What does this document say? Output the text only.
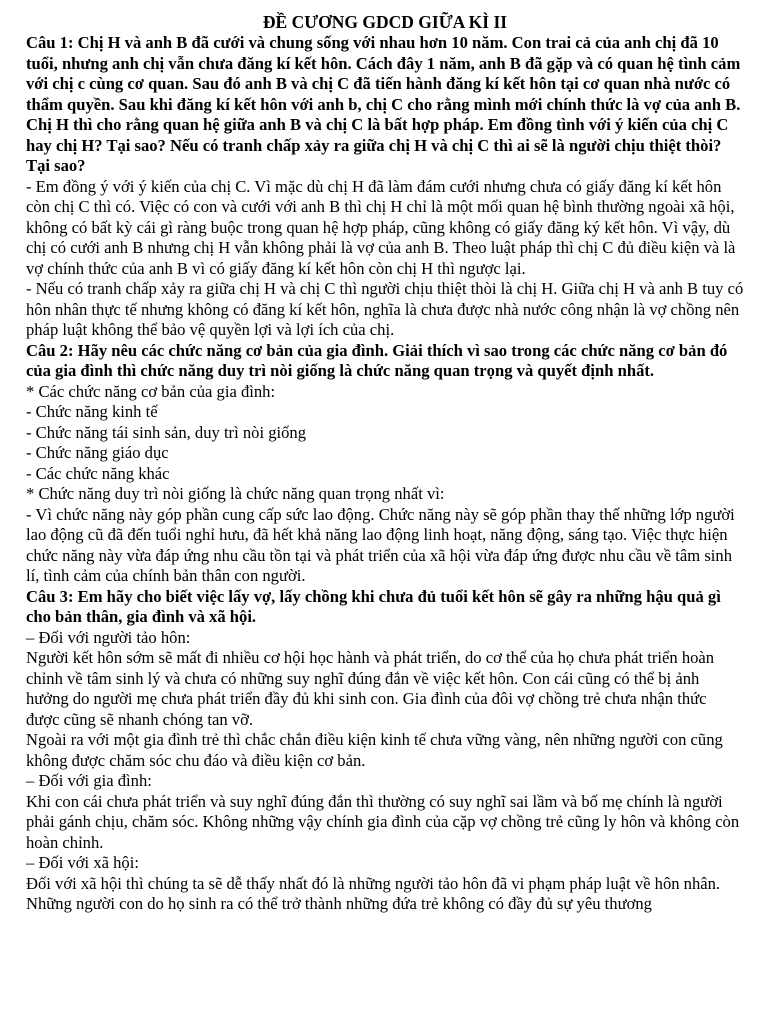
ĐỀ CƯƠNG GDCD GIỮA KÌ II
Câu 1: Chị H và anh B đã cưới và chung sống với nhau hơn 10 năm. Con trai cả của anh chị đã 10 tuổi, nhưng anh chị vẫn chưa đăng kí kết hôn. Cách đây 1 năm, anh B đã gặp và có quan hệ tình cảm với chị c cùng cơ quan. Sau đó anh B và chị C đã tiến hành đăng kí kết hôn tại cơ quan nhà nước có thẩm quyền. Sau khi đăng kí kết hôn với anh b, chị C cho rằng mình mới chính thức là vợ của anh B. Chị H thì cho rằng quan hệ giữa anh B và chị C là bất hợp pháp. Em đồng tình với ý kiến của chị C hay chị H? Tại sao? Nếu có tranh chấp xảy ra giữa chị H và chị C thì ai sẽ là người chịu thiệt thòi? Tại sao?
- Em đồng ý với ý kiến của chị C. Vì mặc dù chị H đã làm đám cưới nhưng chưa có giấy đăng kí kết hôn còn chị C thì có. Việc có con và cưới với anh B thì chị H chỉ là một mối quan hệ bình thường ngoài xã hội, không có bất kỳ cái gì ràng buộc trong quan hệ hợp pháp, cũng không có giấy đăng ký kết hôn. Vì vậy, dù chị có cưới anh B nhưng chị H vẫn không phải là vợ của anh B. Theo luật pháp thì chị C đủ điều kiện và là vợ chính thức của anh B vì có giấy đăng kí kết hôn còn chị H thì ngược lại.
- Nếu có tranh chấp xảy ra giữa chị H và chị C thì người chịu thiệt thòi là chị H. Giữa chị H và anh B tuy có hôn nhân thực tế nhưng không có đăng kí kết hôn, nghĩa là chưa được nhà nước công nhận là vợ chồng nên pháp luật không thể bảo vệ quyền lợi và lợi ích của chị.
Câu 2: Hãy nêu các chức năng cơ bản của gia đình. Giải thích vì sao trong các chức năng cơ bản đó của gia đình thì chức năng duy trì nòi giống là chức năng quan trọng và quyết định nhất.
* Các chức năng cơ bản của gia đình:
- Chức năng kinh tế
- Chức năng tái sinh sản, duy trì nòi giống
- Chức năng giáo dục
- Các chức năng khác
* Chức năng duy trì nòi giống là chức năng quan trọng nhất vì:
- Vì chức năng này góp phần cung cấp sức lao động. Chức năng này sẽ góp phần thay thế những lớp người lao động cũ đã đến tuổi nghỉ hưu, đã hết khả năng lao động linh hoạt, năng động, sáng tạo. Việc thực hiện chức năng này vừa đáp ứng nhu cầu tồn tại và phát triển của xã hội vừa đáp ứng được nhu cầu về tâm sinh lí, tình cảm của chính bản thân con người.
Câu 3: Em hãy cho biết việc lấy vợ, lấy chồng khi chưa đủ tuổi kết hôn sẽ gây ra những hậu quả gì cho bản thân, gia đình và xã hội.
– Đối với người tảo hôn:
Người kết hôn sớm sẽ mất đi nhiều cơ hội học hành và phát triển, do cơ thể của họ chưa phát triển hoàn chỉnh về tâm sinh lý và chưa có những suy nghĩ đúng đắn về việc kết hôn. Con cái cũng có thể bị ảnh hưởng do người mẹ chưa phát triển đầy đủ khi sinh con. Gia đình của đôi vợ chồng trẻ chưa nhận thức được cũng sẽ nhanh chóng tan vỡ.
Ngoài ra với một gia đình trẻ thì chắc chắn điều kiện kinh tế chưa vững vàng, nên những người con cũng không được chăm sóc chu đáo và điều kiện cơ bản.
– Đối với gia đình:
Khi con cái chưa phát triển và suy nghĩ đúng đắn thì thường có suy nghĩ sai lầm và bố mẹ chính là người phải gánh chịu, chăm sóc. Không những vậy chính gia đình của cặp vợ chồng trẻ cũng ly hôn và không còn hoàn chỉnh.
– Đối với xã hội:
Đối với xã hội thì chúng ta sẽ dễ thấy nhất đó là những người tảo hôn đã vi phạm pháp luật về hôn nhân. Những người con do họ sinh ra có thể trở thành những đứa trẻ không có đầy đủ sự yêu thương
